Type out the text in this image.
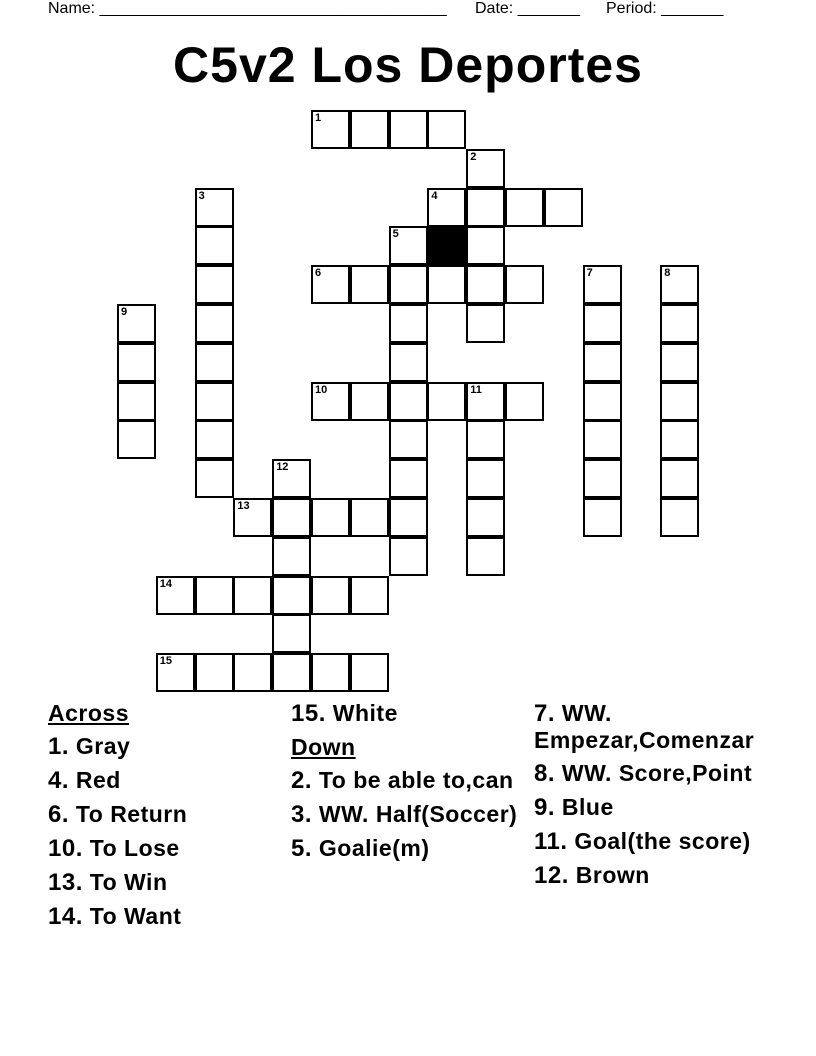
Name: _______________________________________ Date: _______ Period: _______
C5v2 Los Deportes
1
2
3	4
5
6	7	8
9
10	11
12
13
14
15
Across
1. Gray
4. Red
6. To Return
10. To Lose
13. To Win
14. To Want
15. White
Down
2. To be able to,can
3. WW. Half(Soccer)
5. Goalie(m)
7. WW. Empezar,Comenzar
8. WW. Score,Point
9. Blue
11. Goal(the score)
12. Brown
